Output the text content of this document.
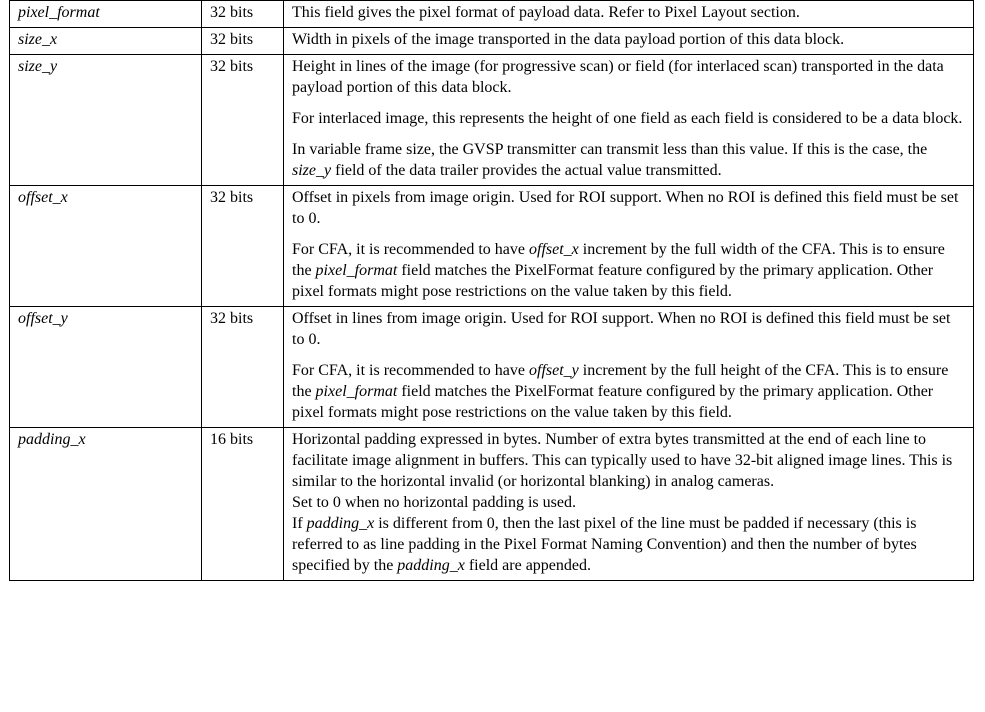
pixel_format	32 bits	This field gives the pixel format of payload data. Refer to Pixel Layout section.

size_x	32 bits	Width in pixels of the image transported in the data payload portion of this data block.

size_y	32 bits	Height in lines of the image (for progressive scan) or field (for interlaced scan) transported in the data payload portion of this data block.

For interlaced image, this represents the height of one field as each field is considered to be a data block.

In variable frame size, the GVSP transmitter can transmit less than this value. If this is the case, the size_y field of the data trailer provides the actual value transmitted.

offset_x	32 bits	Offset in pixels from image origin. Used for ROI support. When no ROI is defined this field must be set to 0.

For CFA, it is recommended to have offset_x increment by the full width of the CFA. This is to ensure the pixel_format field matches the PixelFormat feature configured by the primary application. Other pixel formats might pose restrictions on the value taken by this field.

offset_y	32 bits	Offset in lines from image origin. Used for ROI support. When no ROI is defined this field must be set to 0.

For CFA, it is recommended to have offset_y increment by the full height of the CFA. This is to ensure the pixel_format field matches the PixelFormat feature configured by the primary application. Other pixel formats might pose restrictions on the value taken by this field.

padding_x	16 bits	Horizontal padding expressed in bytes. Number of extra bytes transmitted at the end of each line to facilitate image alignment in buffers. This can typically used to have 32-bit aligned image lines. This is similar to the horizontal invalid (or horizontal blanking) in analog cameras.
Set to 0 when no horizontal padding is used.
If padding_x is different from 0, then the last pixel of the line must be padded if necessary (this is referred to as line padding in the Pixel Format Naming Convention) and then the number of bytes specified by the padding_x field are appended.
